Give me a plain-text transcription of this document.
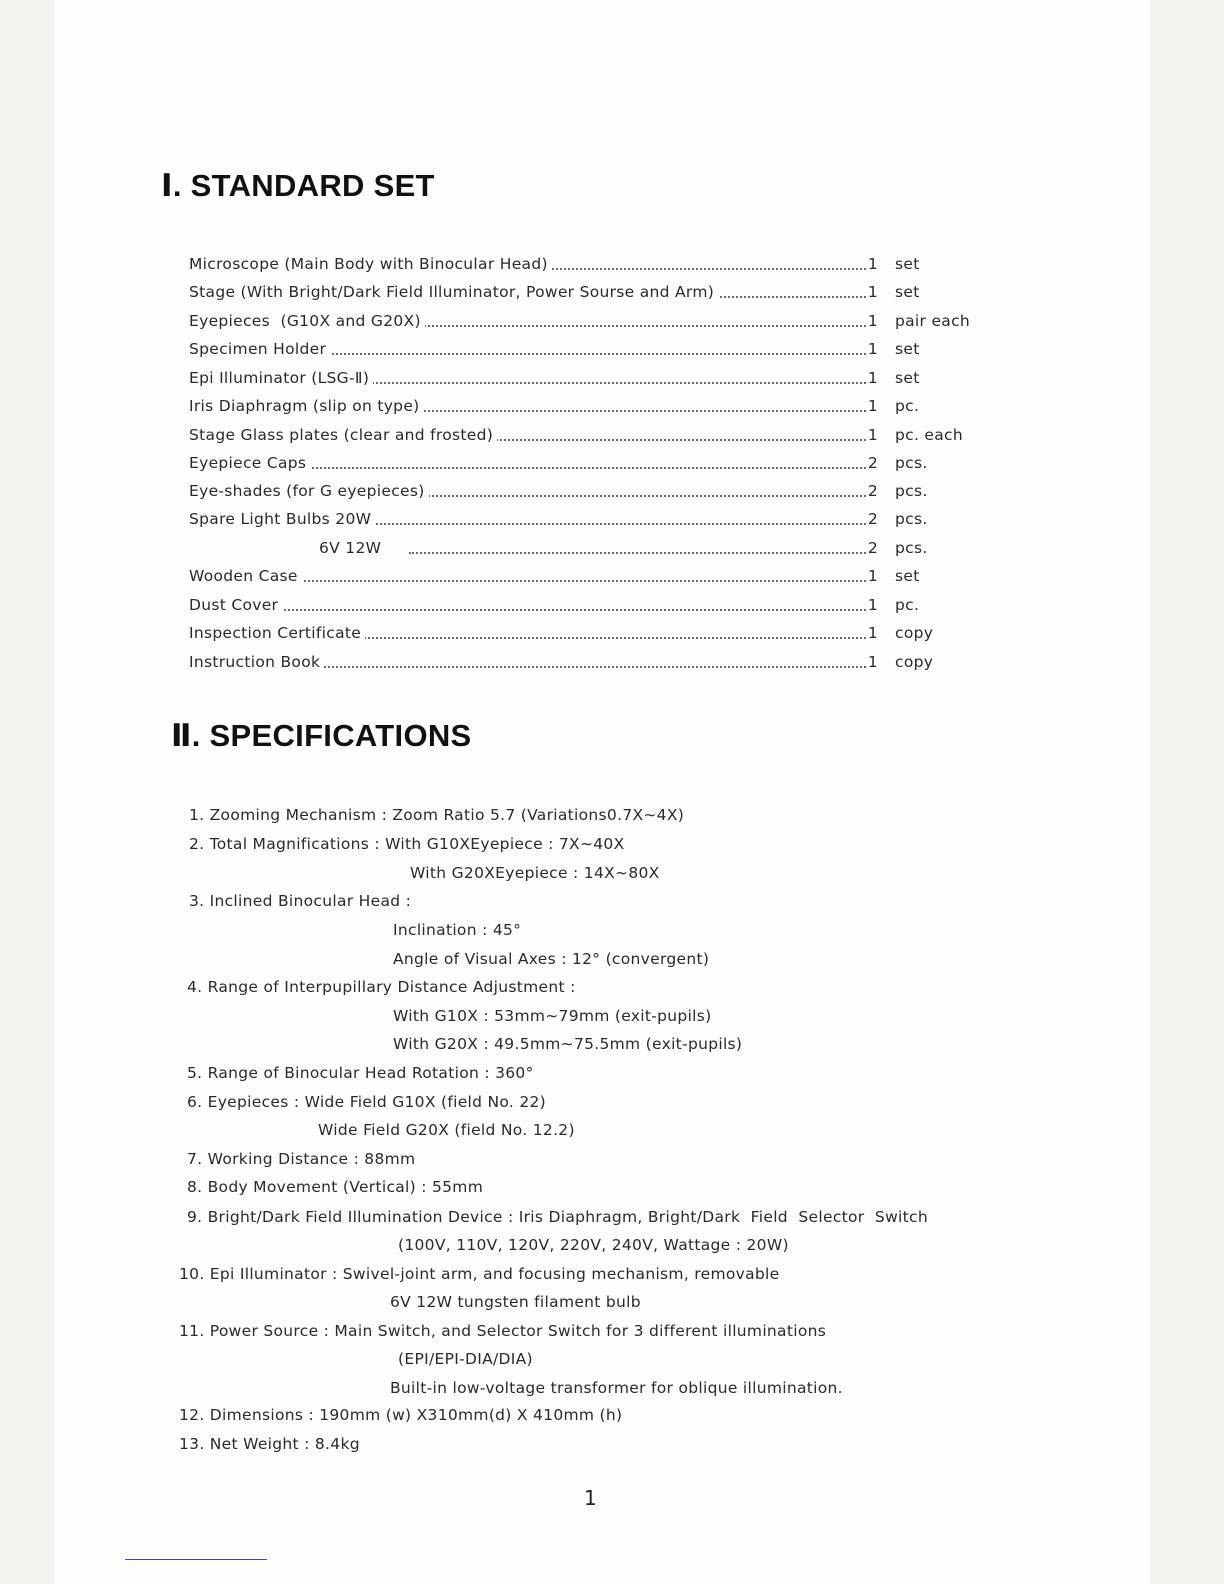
Ⅰ. STANDARD SET
Microscope (Main Body with Binocular Head)	1 set
Stage (With Bright/Dark Field Illuminator, Power Sourse and Arm)	1 set
Eyepieces  (G10X and G20X)	1 pair each
Specimen Holder	1 set
Epi Illuminator (LSG-Ⅱ)	1 set
Iris Diaphragm (slip on type)	1 pc.
Stage Glass plates (clear and frosted)	1 pc. each
Eyepiece Caps	2 pcs.
Eye-shades (for G eyepieces)	2 pcs.
Spare Light Bulbs 20W	2 pcs.
6V 12W	2 pcs.
Wooden Case	1 set
Dust Cover	1 pc.
Inspection Certificate	1 copy
Instruction Book	1 copy
Ⅱ. SPECIFICATIONS
1. Zooming Mechanism : Zoom Ratio 5.7 (Variations0.7X∼4X)
2. Total Magnifications : With G10XEyepiece : 7X∼40X
With G20XEyepiece : 14X∼80X
3. Inclined Binocular Head :
Inclination : 45°
Angle of Visual Axes : 12° (convergent)
4. Range of Interpupillary Distance Adjustment :
With G10X : 53mm∼79mm (exit-pupils)
With G20X : 49.5mm∼75.5mm (exit-pupils)
5. Range of Binocular Head Rotation : 360°
6. Eyepieces : Wide Field G10X (field No. 22)
Wide Field G20X (field No. 12.2)
7. Working Distance : 88mm
8. Body Movement (Vertical) : 55mm
9. Bright/Dark Field Illumination Device : Iris Diaphragm, Bright/Dark  Field  Selector  Switch
(100V, 110V, 120V, 220V, 240V, Wattage : 20W)
10. Epi Illuminator : Swivel-joint arm, and focusing mechanism, removable
6V 12W tungsten filament bulb
11. Power Source : Main Switch, and Selector Switch for 3 different illuminations
(EPI/EPI-DIA/DIA)
Built-in low-voltage transformer for oblique illumination.
12. Dimensions : 190mm (w) X310mm(d) X 410mm (h)
13. Net Weight : 8.4kg
1
